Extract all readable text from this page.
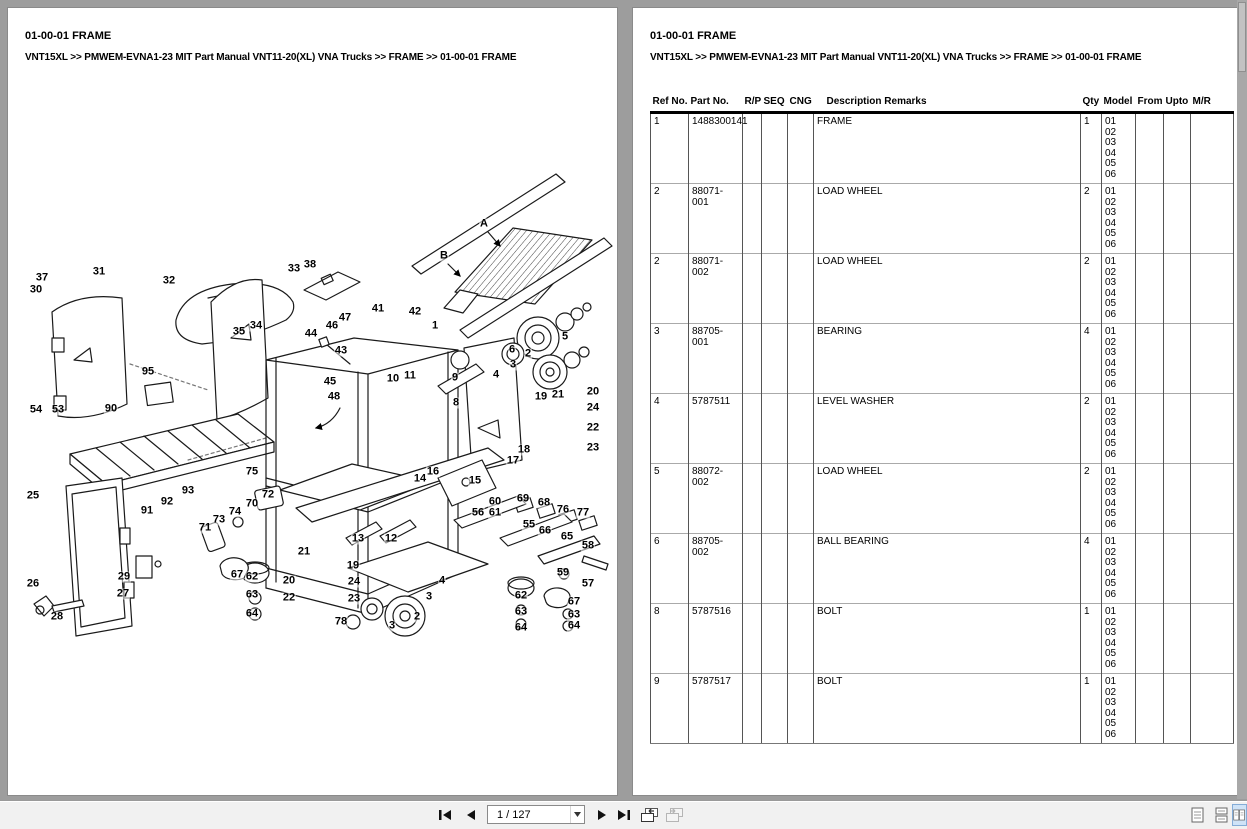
01-00-01 FRAME
VNT15XL >> PMWEM-EVNA1-23 MIT Part Manual VNT11-20(XL) VNA Trucks >> FRAME >> 01-00-01 FRAME
37
30
31
32
33 38
35 34
41 42
47
46
44
43
1
45	10 11	9
8
48
5
6 2
3
4
20
24
22
23
19 21
18
17
16
14	15
95
54 53	90
93
92
91
25
26
28
29
27
75
72
70
74
73
71
67 62
63
64
21
20
22
19
24
23
13 12
60
61
56
55 66 65
58
59
57
69 68
76 77
78	2
3
3
4
62
63
64
67
63
64
A
B
01-00-01 FRAME
VNT15XL >> PMWEM-EVNA1-23 MIT Part Manual VNT11-20(XL) VNA Trucks >> FRAME >> 01-00-01 FRAME
Ref No.	Part No.	R/P	SEQ	CNG	Description Remarks	Qty	Model	From	Upto	M/R
1	1488300141				FRAME	1	01
02
03
04
05
06

2	88071-001				LOAD WHEEL	2	01
02
03
04
05
06

2	88071-002				LOAD WHEEL	2	01
02
03
04
05
06

3	88705-001				BEARING	4	01
02
03
04
05
06

4	5787511				LEVEL WASHER	2	01
02
03
04
05
06

5	88072-002				LOAD WHEEL	2	01
02
03
04
05
06

6	88705-002				BALL BEARING	4	01
02
03
04
05
06

8	5787516				BOLT	1	01
02
03
04
05
06

9	5787517				BOLT	1	01
02
03
04
05
06

1 / 127
